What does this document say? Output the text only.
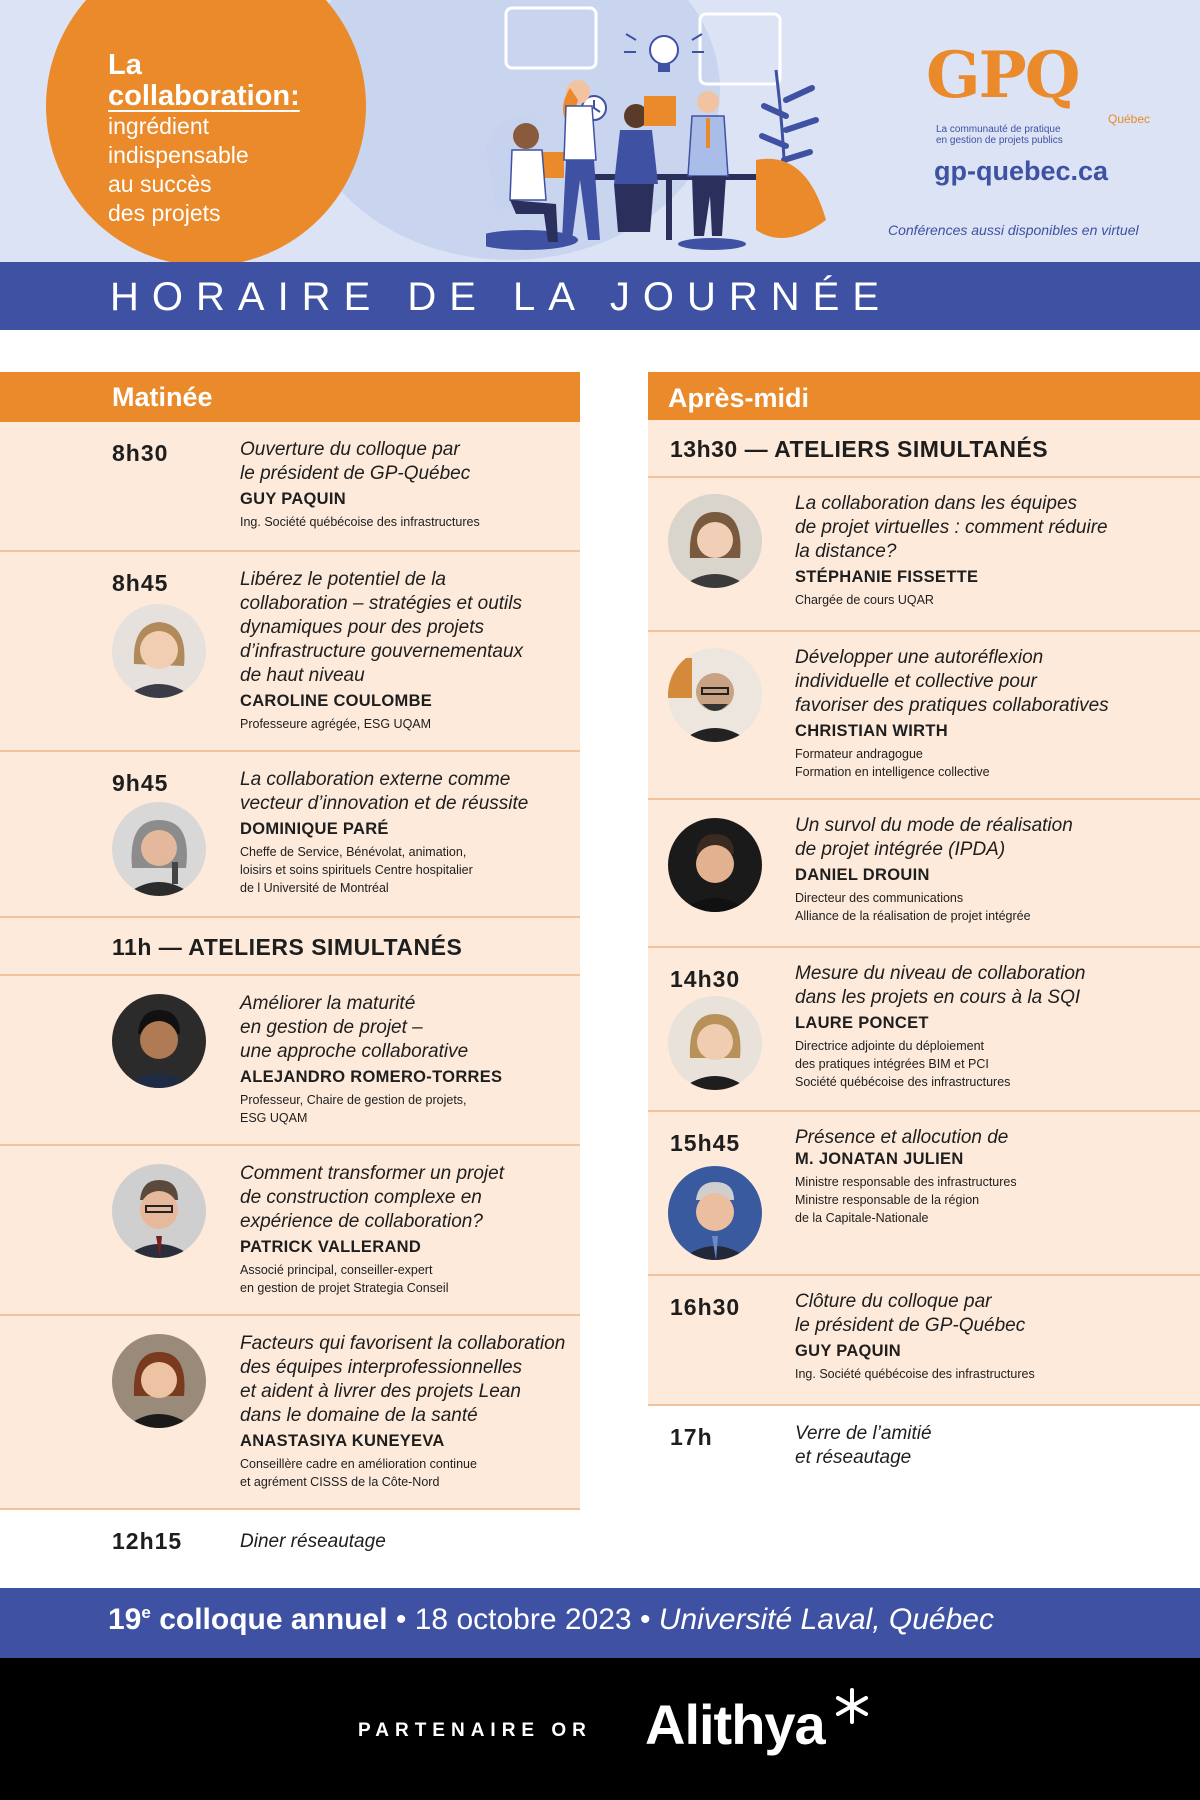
La
collaboration:
ingrédient
indispensable
au succès
des projets
GPQ
Québec
La communauté de pratique
en gestion de projets publics
gp-quebec.ca
Conférences aussi disponibles en virtuel
HORAIRE DE LA JOURNÉE
Matinée
8h30	Ouverture du colloque par
le président de GP-Québec
GUY PAQUIN
Ing. Société québécoise des infrastructures
8h45	Libérez le potentiel de la
collaboration – stratégies et outils
dynamiques pour des projets
d’infrastructure gouvernementaux
de haut niveau
CAROLINE COULOMBE
Professeure agrégée, ESG UQAM
9h45	La collaboration externe comme
vecteur d’innovation et de réussite
DOMINIQUE PARÉ
Cheffe de Service, Bénévolat, animation,
loisirs et soins spirituels Centre hospitalier
de l Université de Montréal
11h — ATELIERS SIMULTANÉS
Améliorer la maturité
en gestion de projet –
une approche collaborative
ALEJANDRO ROMERO-TORRES
Professeur, Chaire de gestion de projets,
ESG UQAM
Comment transformer un projet
de construction complexe en
expérience de collaboration?
PATRICK VALLERAND
Associé principal, conseiller-expert
en gestion de projet Strategia Conseil
Facteurs qui favorisent la collaboration
des équipes interprofessionnelles
et aident à livrer des projets Lean
dans le domaine de la santé
ANASTASIYA KUNEYEVA
Conseillère cadre en amélioration continue
et agrément CISSS de la Côte-Nord
12h15	Diner réseautage
Après-midi
13h30 — ATELIERS SIMULTANÉS
La collaboration dans les équipes
de projet virtuelles : comment réduire
la distance?
STÉPHANIE FISSETTE
Chargée de cours UQAR
Développer une autoréflexion
individuelle et collective pour
favoriser des pratiques collaboratives
CHRISTIAN WIRTH
Formateur andragogue
Formation en intelligence collective
Un survol du mode de réalisation
de projet intégrée (IPDA)
DANIEL DROUIN
Directeur des communications
Alliance de la réalisation de projet intégrée
14h30	Mesure du niveau de collaboration
dans les projets en cours à la SQI
LAURE PONCET
Directrice adjointe du déploiement
des pratiques intégrées BIM et PCI
Société québécoise des infrastructures
15h45	Présence et allocution de
M. JONATAN JULIEN
Ministre responsable des infrastructures
Ministre responsable de la région
de la Capitale-Nationale
16h30	Clôture du colloque par
le président de GP-Québec
GUY PAQUIN
Ing. Société québécoise des infrastructures
17h	Verre de l’amitié
et réseautage
19e colloque annuel • 18 octobre 2023 • Université Laval, Québec
PARTENAIRE OR Alithya
